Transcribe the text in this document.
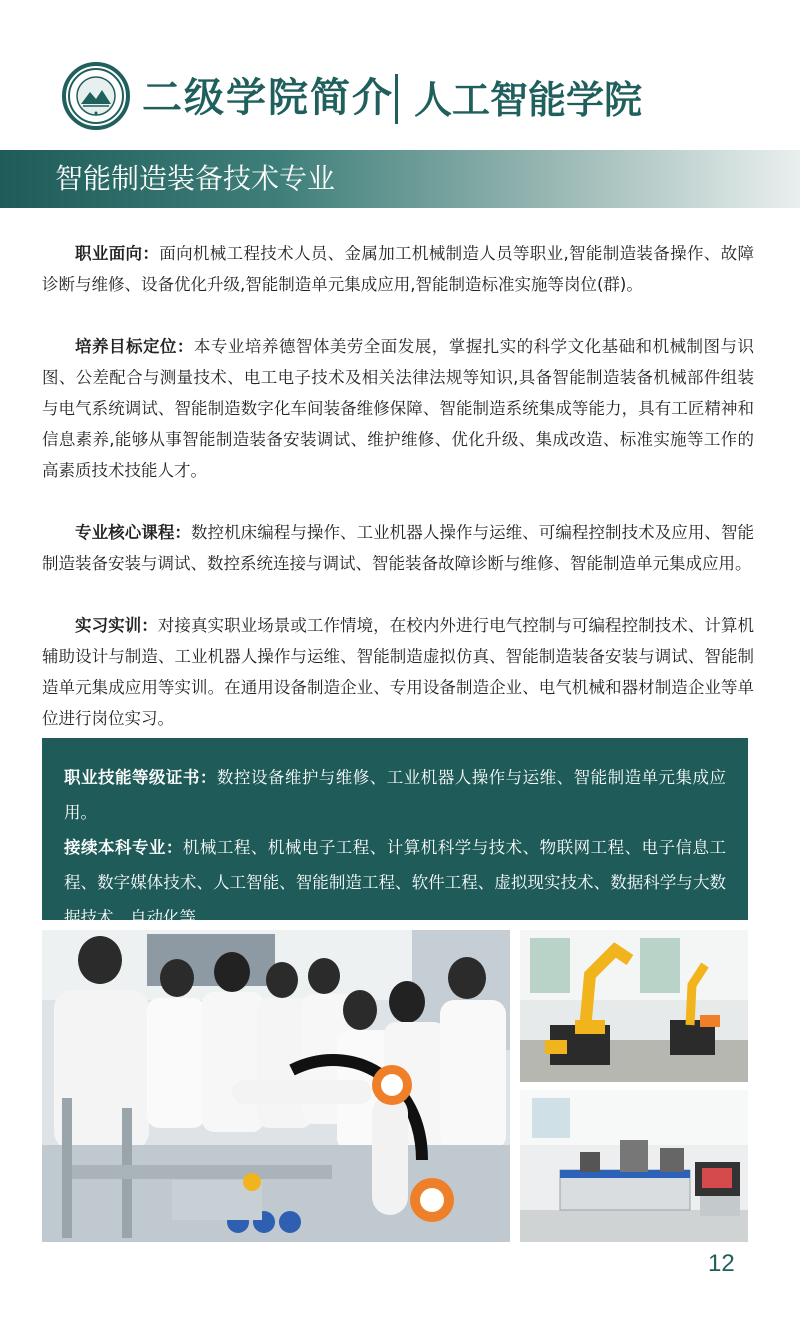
二级学院简介 人工智能学院
智能制造装备技术专业

职业面向：面向机械工程技术人员、金属加工机械制造人员等职业,智能制造装备操作、故障诊断与维修、设备优化升级,智能制造单元集成应用,智能制造标准实施等岗位(群)。

培养目标定位：本专业培养德智体美劳全面发展，掌握扎实的科学文化基础和机械制图与识图、公差配合与测量技术、电工电子技术及相关法律法规等知识,具备智能制造装备机械部件组装与电气系统调试、智能制造数字化车间装备维修保障、智能制造系统集成等能力，具有工匠精神和信息素养,能够从事智能制造装备安装调试、维护维修、优化升级、集成改造、标准实施等工作的高素质技术技能人才。

专业核心课程：数控机床编程与操作、工业机器人操作与运维、可编程控制技术及应用、智能制造装备安装与调试、数控系统连接与调试、智能装备故障诊断与维修、智能制造单元集成应用。

实习实训：对接真实职业场景或工作情境，在校内外进行电气控制与可编程控制技术、计算机辅助设计与制造、工业机器人操作与运维、智能制造虚拟仿真、智能制造装备安装与调试、智能制造单元集成应用等实训。在通用设备制造企业、专用设备制造企业、电气机械和器材制造企业等单位进行岗位实习。

职业技能等级证书：数控设备维护与维修、工业机器人操作与运维、智能制造单元集成应用。
接续本科专业：机械工程、机械电子工程、计算机科学与技术、物联网工程、电子信息工程、数字媒体技术、人工智能、智能制造工程、软件工程、虚拟现实技术、数据科学与大数据技术、自动化等。
12
